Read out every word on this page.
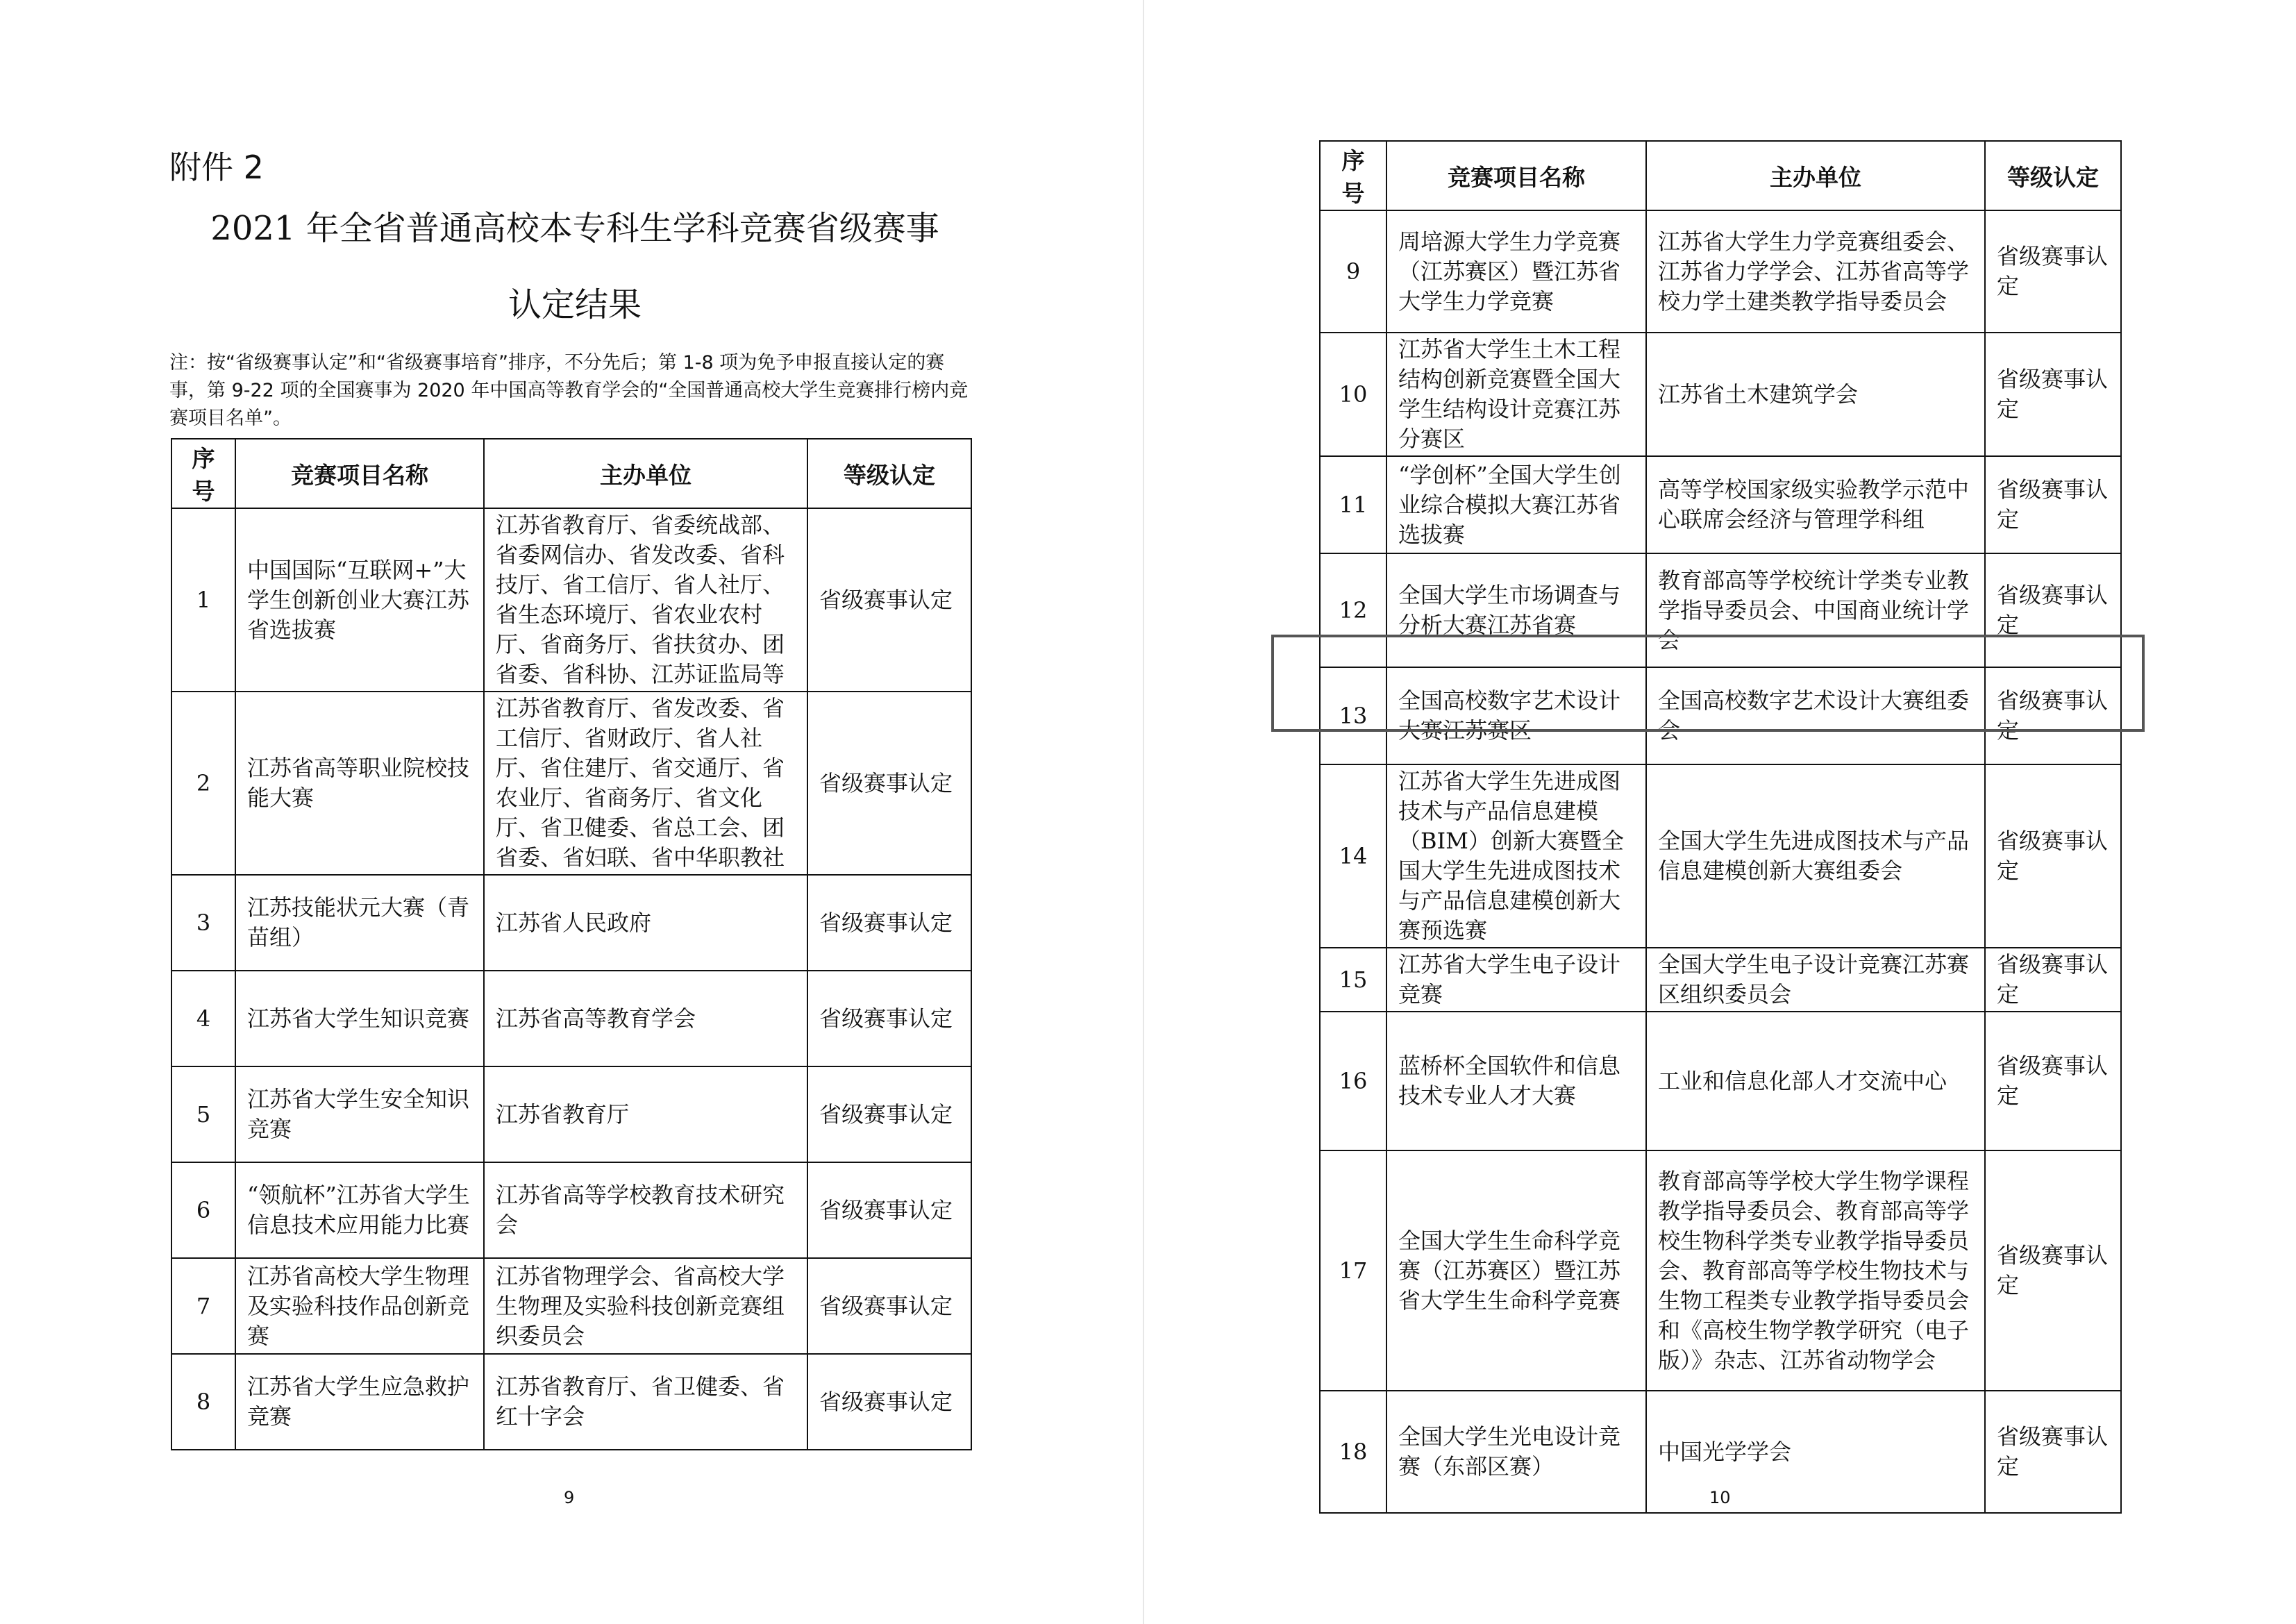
附件 2
2021 年全省普通高校本专科生学科竞赛省级赛事
认定结果
注：按“省级赛事认定”和“省级赛事培育”排序，不分先后；第 1-8 项为免予申报直接认定的赛事，第 9-22 项的全国赛事为 2020 年中国高等教育学会的“全国普通高校大学生竞赛排行榜内竞赛项目名单”。
序号	竞赛项目名称	主办单位	等级认定
1	中国国际“互联网+”大学生创新创业大赛江苏省选拔赛	江苏省教育厅、省委统战部、省委网信办、省发改委、省科技厅、省工信厅、省人社厅、省生态环境厅、省农业农村厅、省商务厅、省扶贫办、团省委、省科协、江苏证监局等	省级赛事认定
2	江苏省高等职业院校技能大赛	江苏省教育厅、省发改委、省工信厅、省财政厅、省人社厅、省住建厅、省交通厅、省农业厅、省商务厅、省文化厅、省卫健委、省总工会、团省委、省妇联、省中华职教社	省级赛事认定
3	江苏技能状元大赛（青苗组）	江苏省人民政府	省级赛事认定
4	江苏省大学生知识竞赛	江苏省高等教育学会	省级赛事认定
5	江苏省大学生安全知识竞赛	江苏省教育厅	省级赛事认定
6	“领航杯”江苏省大学生信息技术应用能力比赛	江苏省高等学校教育技术研究会	省级赛事认定
7	江苏省高校大学生物理及实验科技作品创新竞赛	江苏省物理学会、省高校大学生物理及实验科技创新竞赛组织委员会	省级赛事认定
8	江苏省大学生应急救护竞赛	江苏省教育厅、省卫健委、省红十字会	省级赛事认定
9
序号	竞赛项目名称	主办单位	等级认定
9	周培源大学生力学竞赛（江苏赛区）暨江苏省大学生力学竞赛	江苏省大学生力学竞赛组委会、江苏省力学学会、江苏省高等学校力学土建类教学指导委员会	省级赛事认定
10	江苏省大学生土木工程结构创新竞赛暨全国大学生结构设计竞赛江苏分赛区	江苏省土木建筑学会	省级赛事认定
11	“学创杯”全国大学生创业综合模拟大赛江苏省选拔赛	高等学校国家级实验教学示范中心联席会经济与管理学科组	省级赛事认定
12	全国大学生市场调查与分析大赛江苏省赛	教育部高等学校统计学类专业教学指导委员会、中国商业统计学会	省级赛事认定
13	全国高校数字艺术设计大赛江苏赛区	全国高校数字艺术设计大赛组委会	省级赛事认定
14	江苏省大学生先进成图技术与产品信息建模（BIM）创新大赛暨全国大学生先进成图技术与产品信息建模创新大赛预选赛	全国大学生先进成图技术与产品信息建模创新大赛组委会	省级赛事认定
15	江苏省大学生电子设计竞赛	全国大学生电子设计竞赛江苏赛区组织委员会	省级赛事认定
16	蓝桥杯全国软件和信息技术专业人才大赛	工业和信息化部人才交流中心	省级赛事认定
17	全国大学生生命科学竞赛（江苏赛区）暨江苏省大学生生命科学竞赛	教育部高等学校大学生物学课程教学指导委员会、教育部高等学校生物科学类专业教学指导委员会、教育部高等学校生物技术与生物工程类专业教学指导委员会和《高校生物学教学研究（电子版）》杂志、江苏省动物学会	省级赛事认定
18	全国大学生光电设计竞赛（东部区赛）	中国光学学会	省级赛事认定
10
